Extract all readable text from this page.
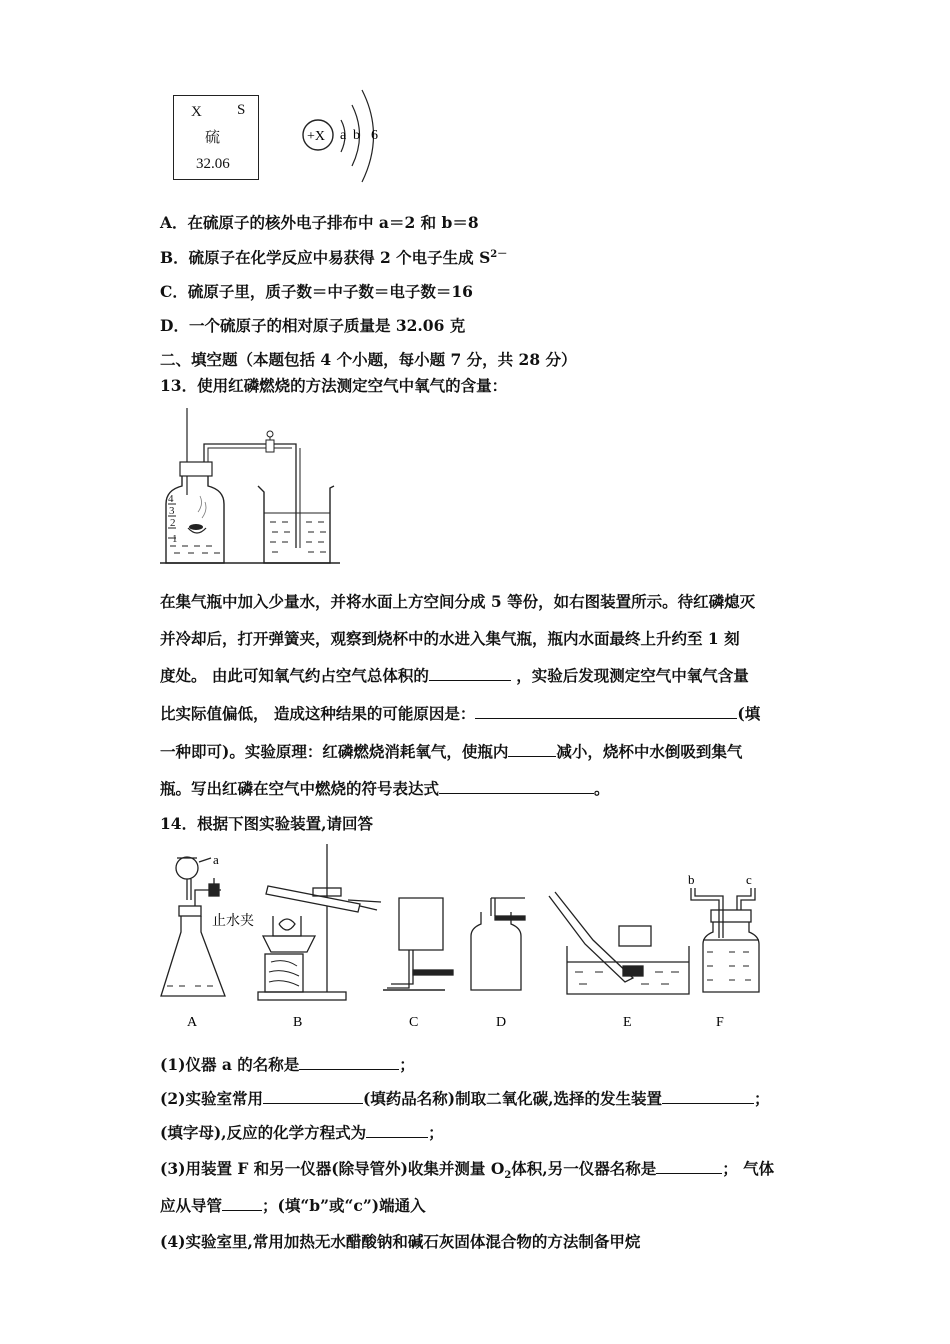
X S
硫
32.06
+X a b 6
A．在硫原子的核外电子排布中 a＝2 和 b＝8
B．硫原子在化学反应中易获得 2 个电子生成 $S^{2-}$
C．硫原子里，质子数＝中子数＝电子数＝16
D．一个硫原子的相对原子质量是 32.06 克
二、填空题（本题包括 4 个小题，每小题 7 分，共 28 分）
13．使用红磷燃烧的方法测定空气中氧气的含量：
4
3
2
1
在集气瓶中加入少量水，并将水面上方空间分成 5 等份，如右图装置所示。待红磷熄灭
并冷却后，打开弹簧夹，观察到烧杯中的水进入集气瓶，瓶内水面最终上升约至 1 刻
度处。 由此可知氧气约占空气总体积的	，实验后发现测定空气中氧气含量
比实际值偏低， 造成这种结果的可能原因是：	(填
一种即可)。实验原理：红磷燃烧消耗氧气，使瓶内	减小，烧杯中水倒吸到集气
瓶。写出红磷在空气中燃烧的符号表达式	。
14．根据下图实验装置,请回答
a
止水夹
b	c
A	B	C	D	E	F
(1)仪器 a 的名称是	；
(2)实验室常用	(填药品名称)制取二氧化碳,选择的发生装置	；
(填字母),反应的化学方程式为	；
(3)用装置 F 和另一仪器(除导管外)收集并测量 $O_2$体积,另一仪器名称是	； 气体
应从导管	；(填“b”或“c”)端通入
(4)实验室里,常用加热无水醋酸钠和碱石灰固体混合物的方法制备甲烷
